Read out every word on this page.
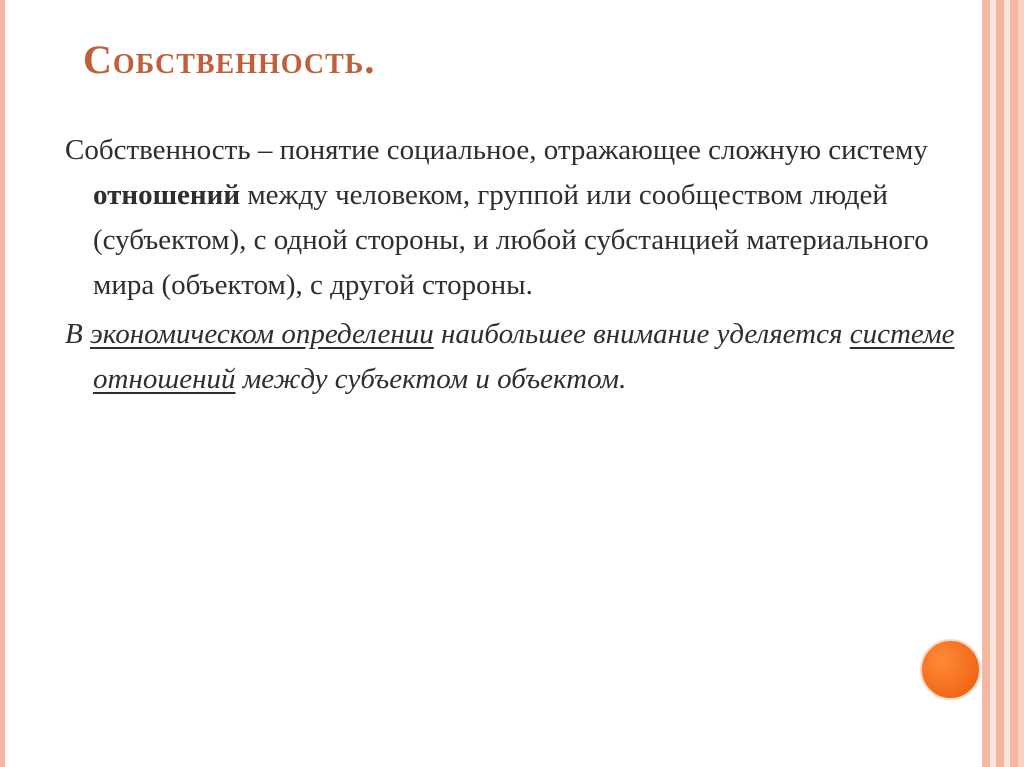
Собственность.

Собственность – понятие социальное, отражающее сложную систему отношений между человеком, группой или сообществом людей (субъектом), с одной стороны, и любой субстанцией материального мира (объектом), с другой стороны.

В экономическом определении наибольшее внимание уделяется системе отношений между субъектом и объектом.
